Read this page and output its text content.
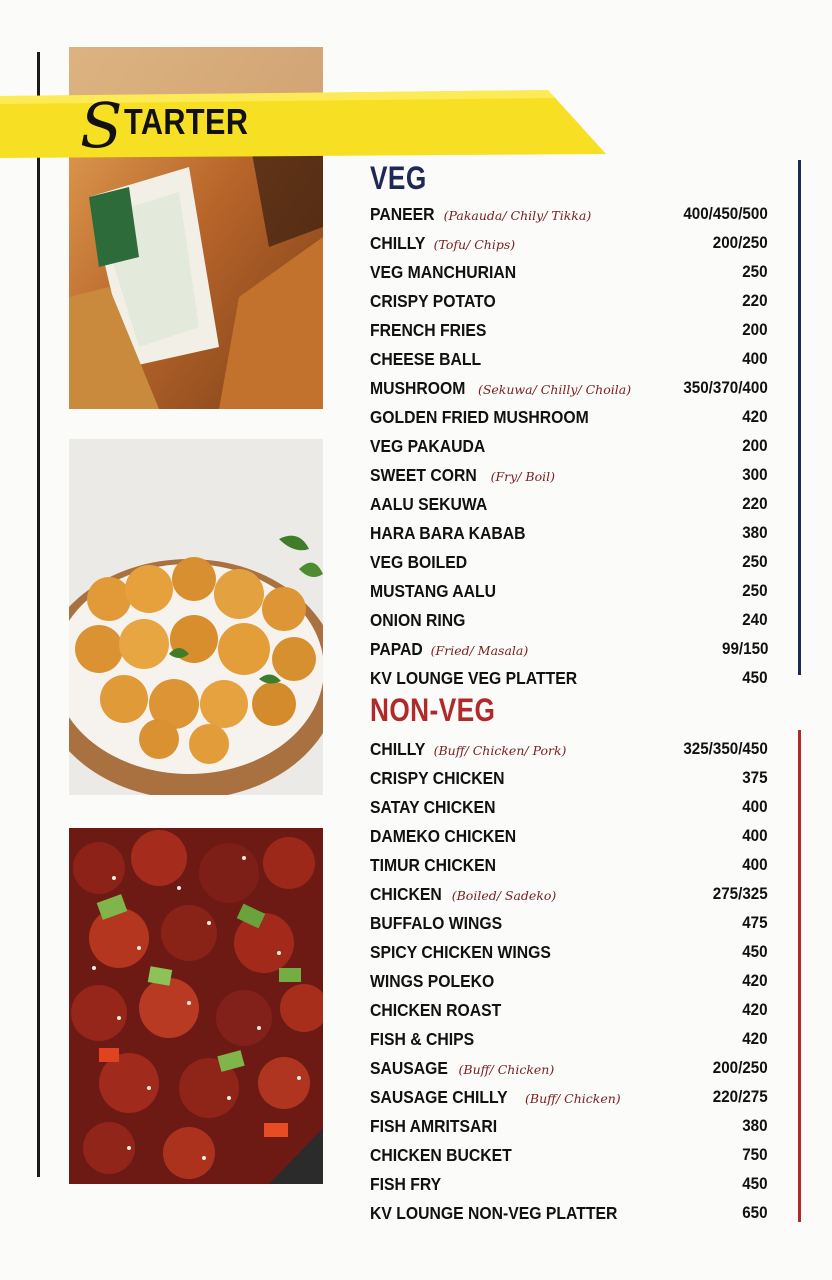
S TARTER
VEG
PANEER (Pakauda/ Chily/ Tikka)	400/450/500
CHILLY (Tofu/ Chips)	200/250
VEG MANCHURIAN	250
CRISPY POTATO	220
FRENCH FRIES	200
CHEESE BALL	400
MUSHROOM (Sekuwa/ Chilly/ Choila)	350/370/400
GOLDEN FRIED MUSHROOM	420
VEG PAKAUDA	200
SWEET CORN (Fry/ Boil)	300
AALU SEKUWA	220
HARA BARA KABAB	380
VEG BOILED	250
MUSTANG AALU	250
ONION RING	240
PAPAD (Fried/ Masala)	99/150
KV LOUNGE VEG PLATTER	450
NON-VEG
CHILLY (Buff/ Chicken/ Pork)	325/350/450
CRISPY CHICKEN	375
SATAY CHICKEN	400
DAMEKO CHICKEN	400
TIMUR CHICKEN	400
CHICKEN (Boiled/ Sadeko)	275/325
BUFFALO WINGS	475
SPICY CHICKEN WINGS	450
WINGS POLEKO	420
CHICKEN ROAST	420
FISH & CHIPS	420
SAUSAGE (Buff/ Chicken)	200/250
SAUSAGE CHILLY (Buff/ Chicken)	220/275
FISH AMRITSARI	380
CHICKEN BUCKET	750
FISH FRY	450
KV LOUNGE NON-VEG PLATTER	650
